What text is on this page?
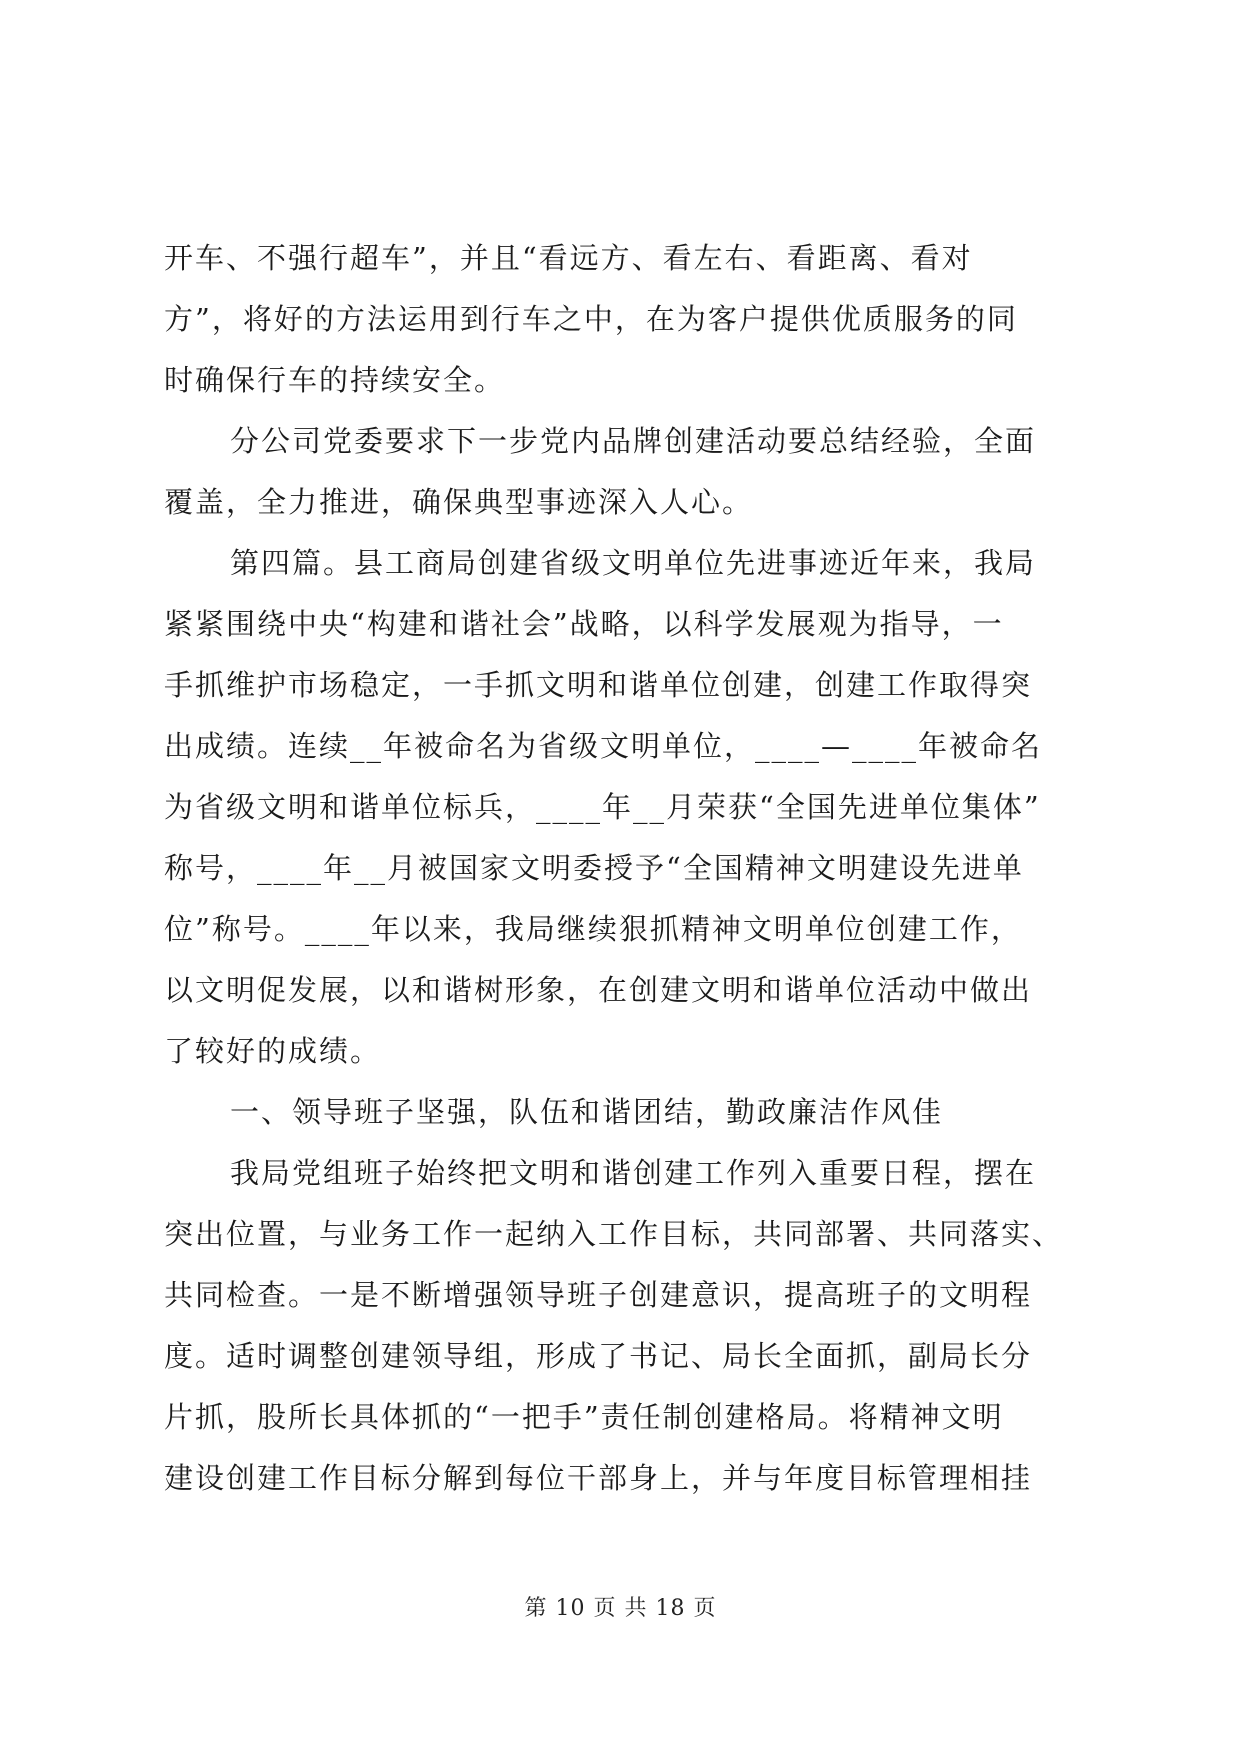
开车、不强行超车”，并且“看远方、看左右、看距离、看对
方”，将好的方法运用到行车之中，在为客户提供优质服务的同
时确保行车的持续安全。
分公司党委要求下一步党内品牌创建活动要总结经验，全面
覆盖，全力推进，确保典型事迹深入人心。
第四篇。县工商局创建省级文明单位先进事迹近年来，我局
紧紧围绕中央“构建和谐社会”战略，以科学发展观为指导，一
手抓维护市场稳定，一手抓文明和谐单位创建，创建工作取得突
出成绩。连续__年被命名为省级文明单位，____—____年被命名
为省级文明和谐单位标兵，____年__月荣获“全国先进单位集体”
称号，____年__月被国家文明委授予“全国精神文明建设先进单
位”称号。____年以来，我局继续狠抓精神文明单位创建工作，
以文明促发展，以和谐树形象，在创建文明和谐单位活动中做出
了较好的成绩。
一、领导班子坚强，队伍和谐团结，勤政廉洁作风佳
我局党组班子始终把文明和谐创建工作列入重要日程，摆在
突出位置，与业务工作一起纳入工作目标，共同部署、共同落实、
共同检查。一是不断增强领导班子创建意识，提高班子的文明程
度。适时调整创建领导组，形成了书记、局长全面抓，副局长分
片抓，股所长具体抓的“一把手”责任制创建格局。将精神文明
建设创建工作目标分解到每位干部身上，并与年度目标管理相挂
第 10 页 共 18 页
